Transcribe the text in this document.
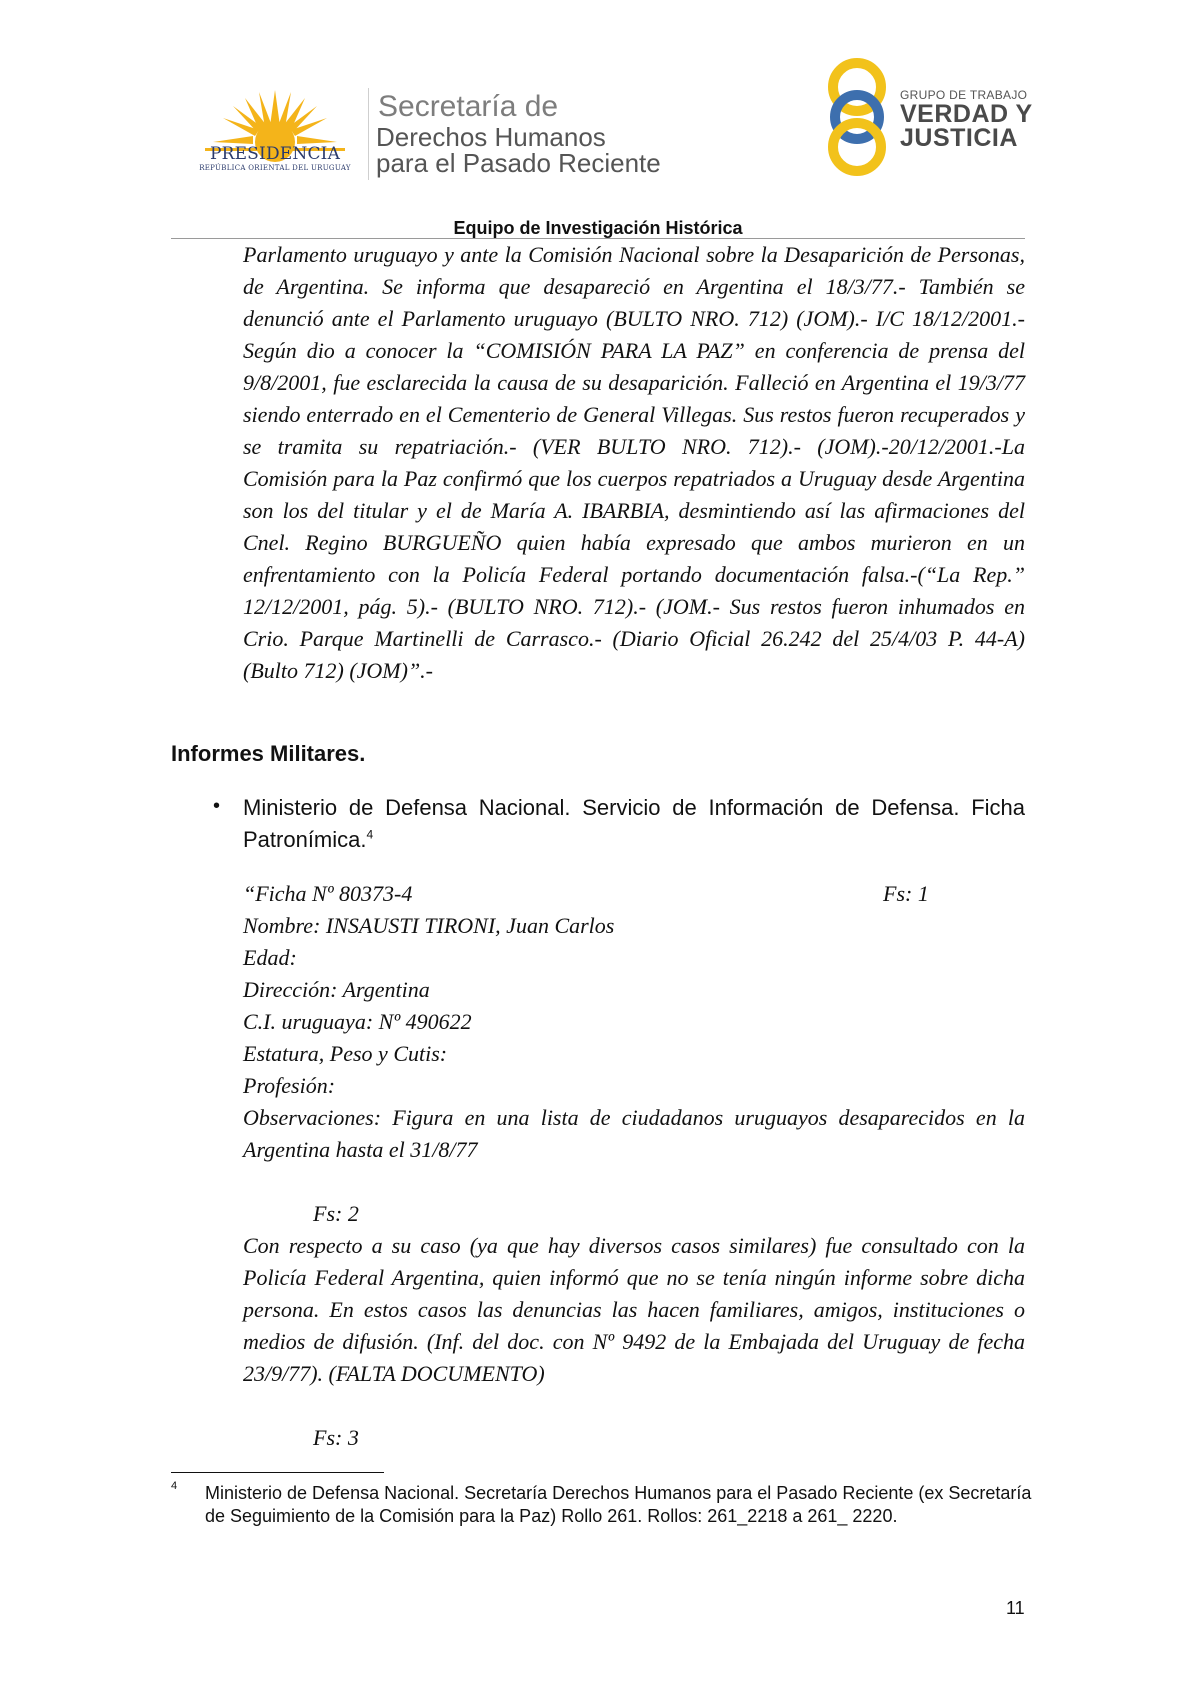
PRESIDENCIA
REPÚBLICA ORIENTAL DEL URUGUAY
Secretaría de
Derechos Humanos
para el Pasado Reciente
GRUPO DE TRABAJO
VERDAD Y
JUSTICIA
Equipo de Investigación Histórica
Parlamento uruguayo y ante la Comisión Nacional sobre la Desaparición de Personas, de Argentina. Se informa que desapareció en Argentina el 18/3/77.- También se denunció ante el Parlamento uruguayo (BULTO NRO. 712) (JOM).- I/C 18/12/2001.-Según dio a conocer la “COMISIÓN PARA LA PAZ” en conferencia de prensa del 9/8/2001, fue esclarecida la causa de su desaparición. Falleció en Argentina el 19/3/77 siendo enterrado en el Cementerio de General Villegas. Sus restos fueron recuperados y se tramita su repatriación.- (VER BULTO NRO. 712).- (JOM).-20/12/2001.-La Comisión para la Paz confirmó que los cuerpos repatriados a Uruguay desde Argentina son los del titular y el de María A. IBARBIA, desmintiendo así las afirmaciones del Cnel. Regino BURGUEÑO quien había expresado que ambos murieron en un enfrentamiento con la Policía Federal portando documentación falsa.-(“La Rep.” 12/12/2001, pág. 5).- (BULTO NRO. 712).- (JOM.- Sus restos fueron inhumados en Crio. Parque Martinelli de Carrasco.- (Diario Oficial 26.242 del 25/4/03 P. 44-A) (Bulto 712) (JOM)”.-
Informes Militares.
• Ministerio de Defensa Nacional. Servicio de Información de Defensa. Ficha Patronímica.$^4$
“Ficha Nº 80373-4	Fs: 1
Nombre: INSAUSTI TIRONI, Juan Carlos
Edad:
Dirección: Argentina
C.I. uruguaya: Nº 490622
Estatura, Peso y Cutis:
Profesión:
Observaciones: Figura en una lista de ciudadanos uruguayos desaparecidos en la Argentina hasta el 31/8/77
Fs: 2
Con respecto a su caso (ya que hay diversos casos similares) fue consultado con la Policía Federal Argentina, quien informó que no se tenía ningún informe sobre dicha persona. En estos casos las denuncias las hacen familiares, amigos, instituciones o medios de difusión. (Inf. del doc. con Nº 9492 de la Embajada del Uruguay de fecha 23/9/77). (FALTA DOCUMENTO)
Fs: 3
4 Ministerio de Defensa Nacional. Secretaría Derechos Humanos para el Pasado Reciente (ex Secretaría de Seguimiento de la Comisión para la Paz) Rollo 261. Rollos: 261_2218 a 261_ 2220.
11
